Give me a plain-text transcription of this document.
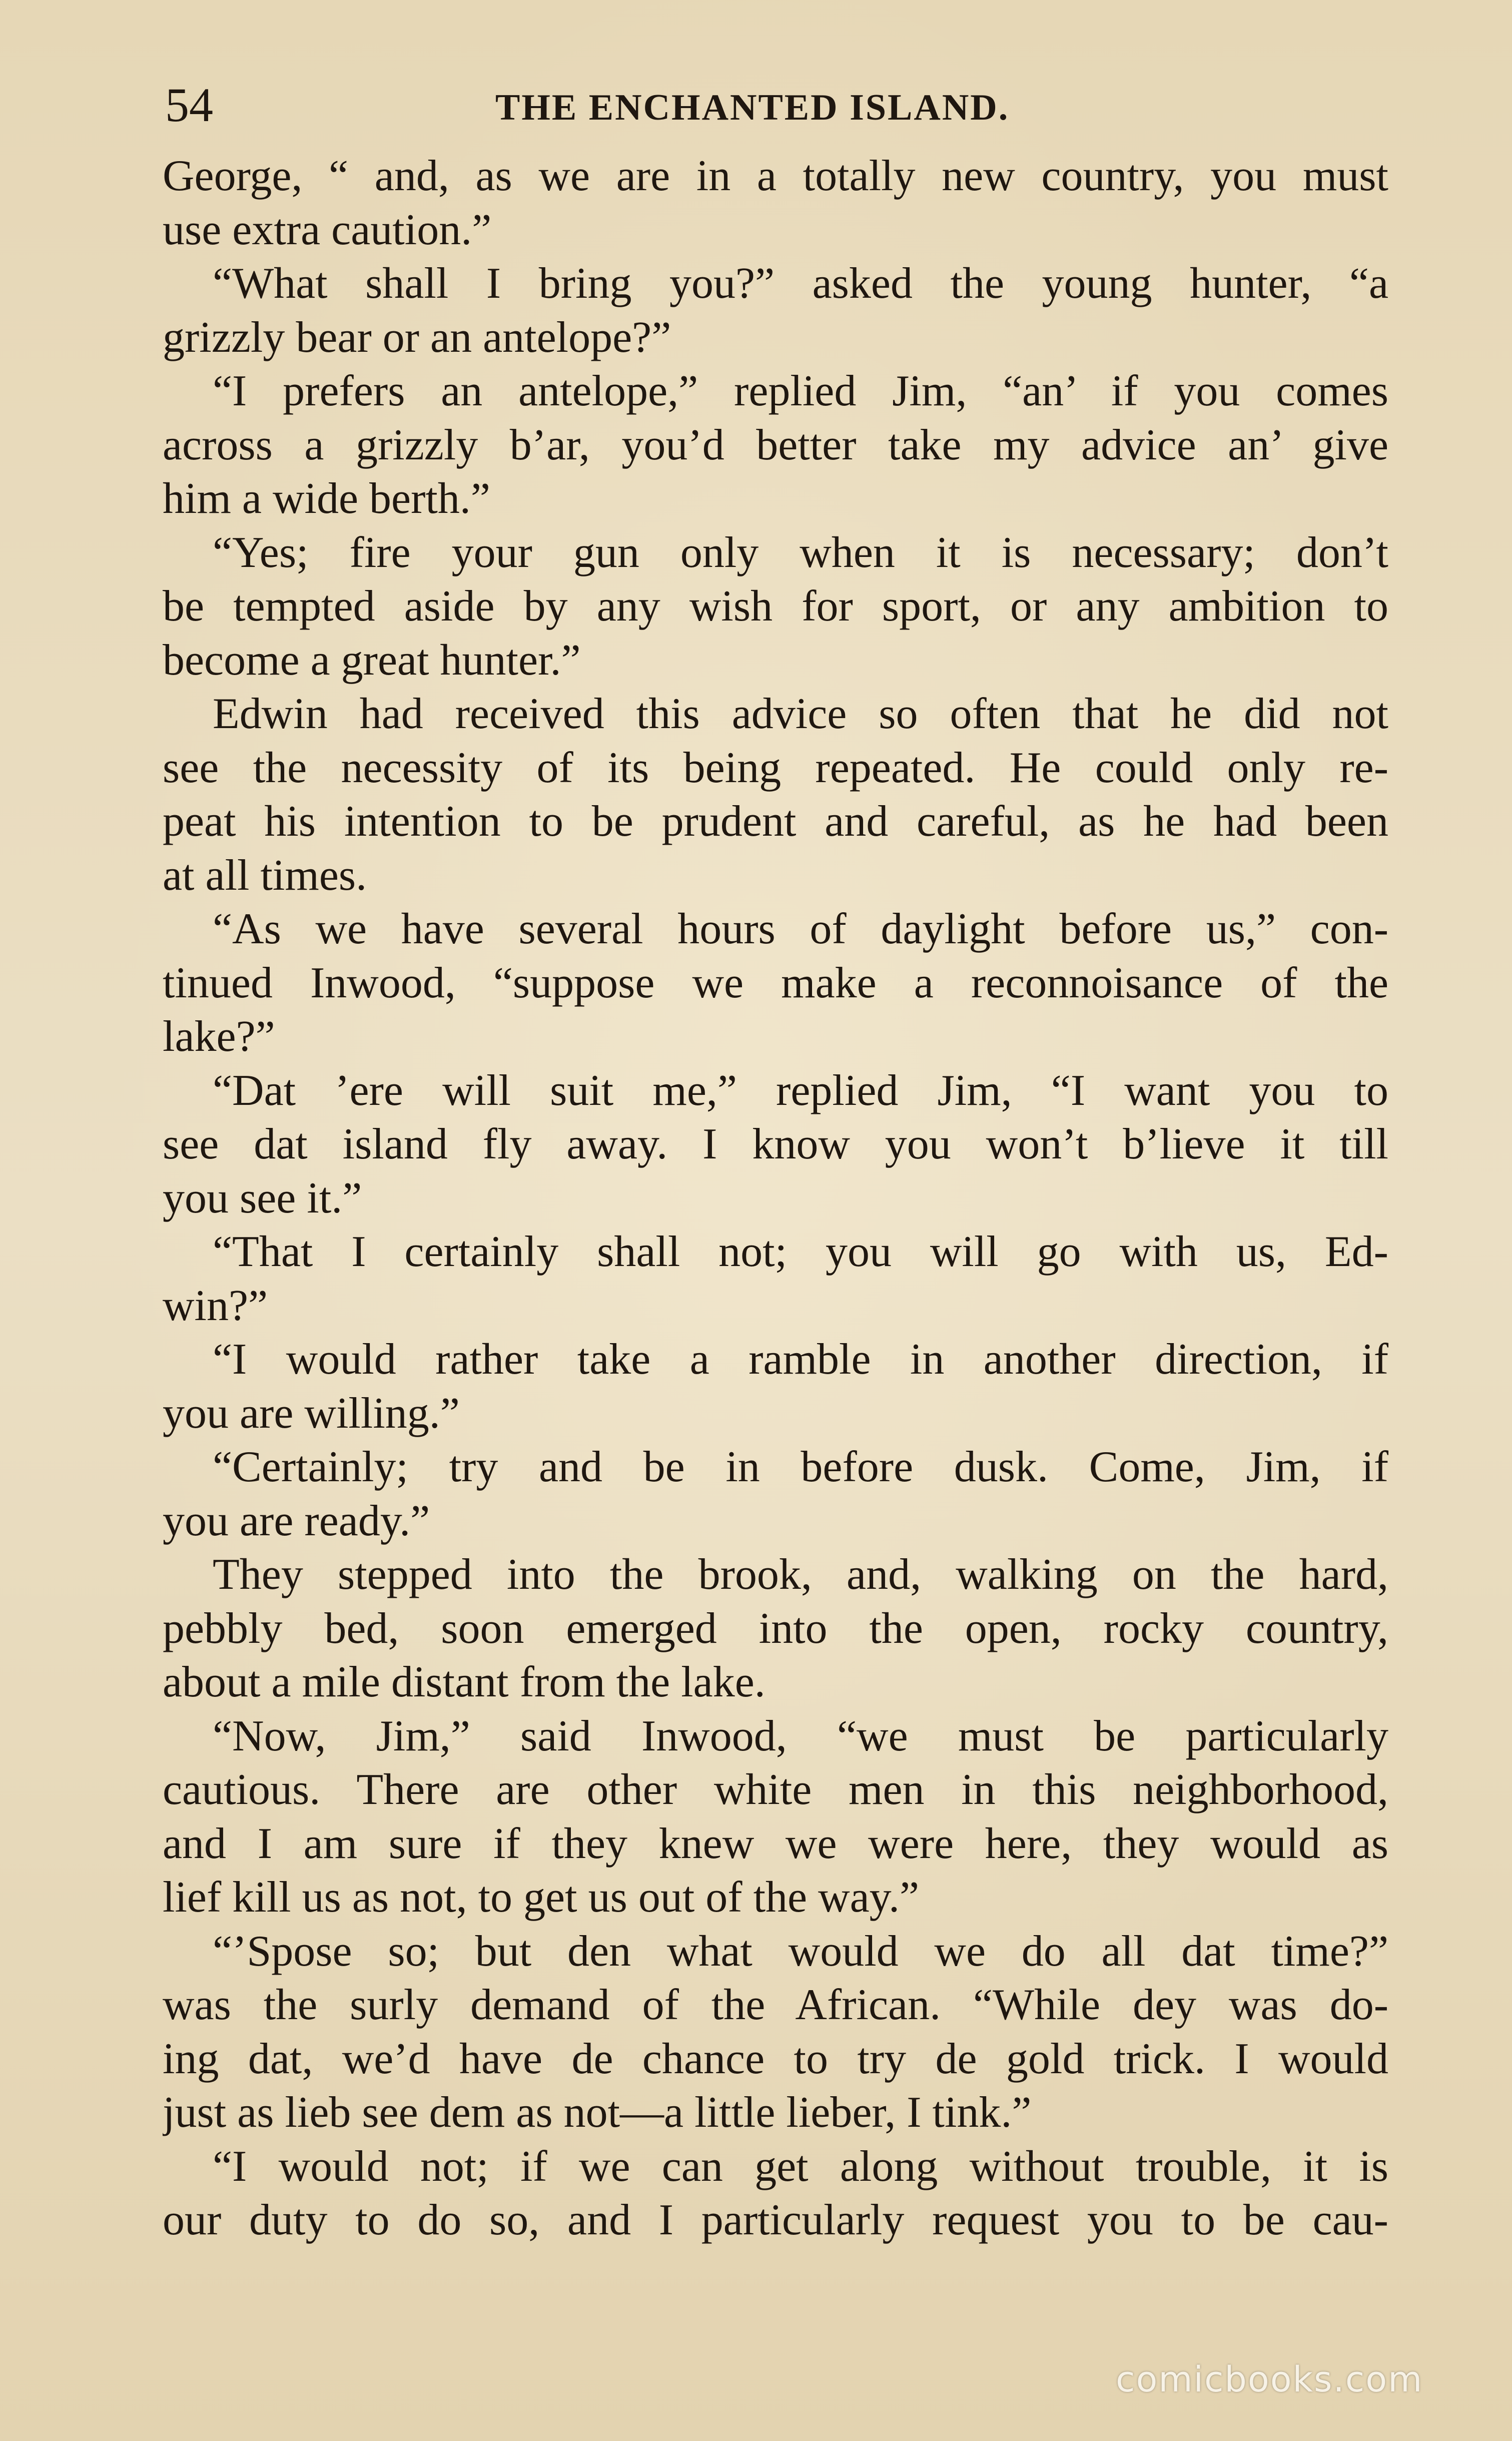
54	THE ENCHANTED ISLAND.
George, “ and, as we are in a totally new country, you must
use extra caution.”
“What shall I bring you?” asked the young hunter, “a
grizzly bear or an antelope?”
“I prefers an antelope,” replied Jim, “an’ if you comes
across a grizzly b’ar, you’d better take my advice an’ give
him a wide berth.”
“Yes; fire your gun only when it is necessary; don’t
be tempted aside by any wish for sport, or any ambition to
become a great hunter.”
Edwin had received this advice so often that he did not
see the necessity of its being repeated. He could only re-
peat his intention to be prudent and careful, as he had been
at all times.
“As we have several hours of daylight before us,” con-
tinued Inwood, “suppose we make a reconnoisance of the
lake?”
“Dat ’ere will suit me,” replied Jim, “I want you to
see dat island fly away. I know you won’t b’lieve it till
you see it.”
“That I certainly shall not; you will go with us, Ed-
win?”
“I would rather take a ramble in another direction, if
you are willing.”
“Certainly; try and be in before dusk. Come, Jim, if
you are ready.”
They stepped into the brook, and, walking on the hard,
pebbly bed, soon emerged into the open, rocky country,
about a mile distant from the lake.
“Now, Jim,” said Inwood, “we must be particularly
cautious. There are other white men in this neighborhood,
and I am sure if they knew we were here, they would as
lief kill us as not, to get us out of the way.”
“’Spose so; but den what would we do all dat time?”
was the surly demand of the African. “While dey was do-
ing dat, we’d have de chance to try de gold trick. I would
just as lieb see dem as not—a little lieber, I tink.”
“I would not; if we can get along without trouble, it is
our duty to do so, and I particularly request you to be cau-
comicbooks.com
